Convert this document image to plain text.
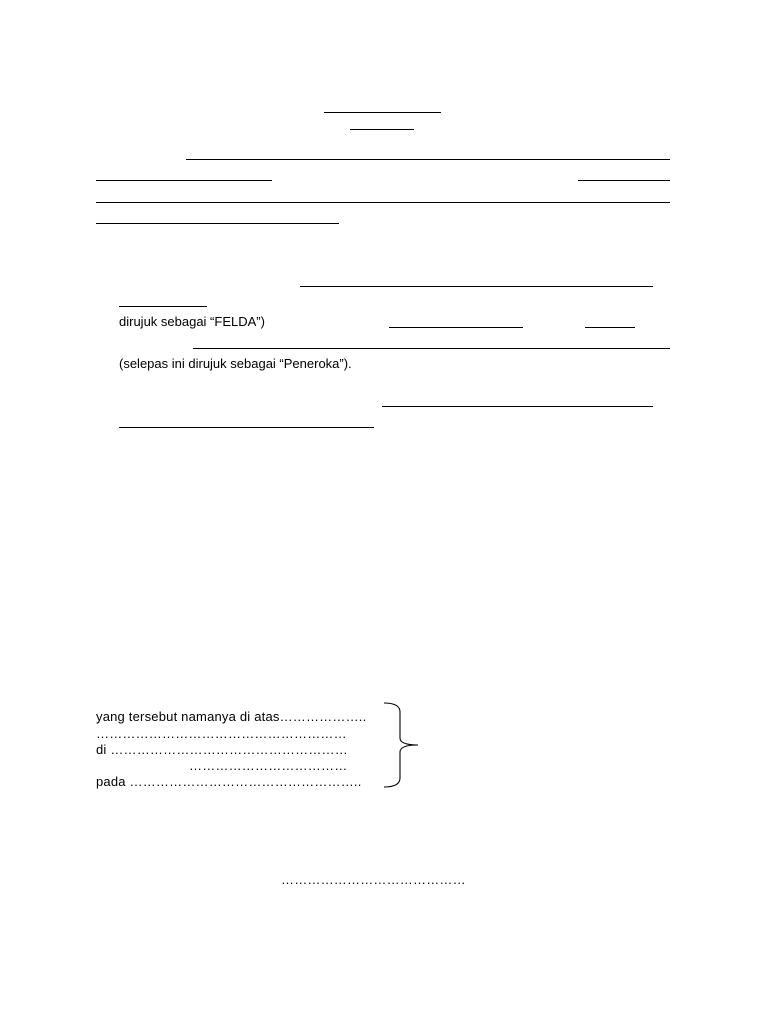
dirujuk sebagai “FELDA”)
(selepas ini dirujuk sebagai “Peneroka”).
yang tersebut namanya di atas………………..
…………………………………………………
di ………………………………………………
………………………………
pada ……………………………………………..
……………………………………
